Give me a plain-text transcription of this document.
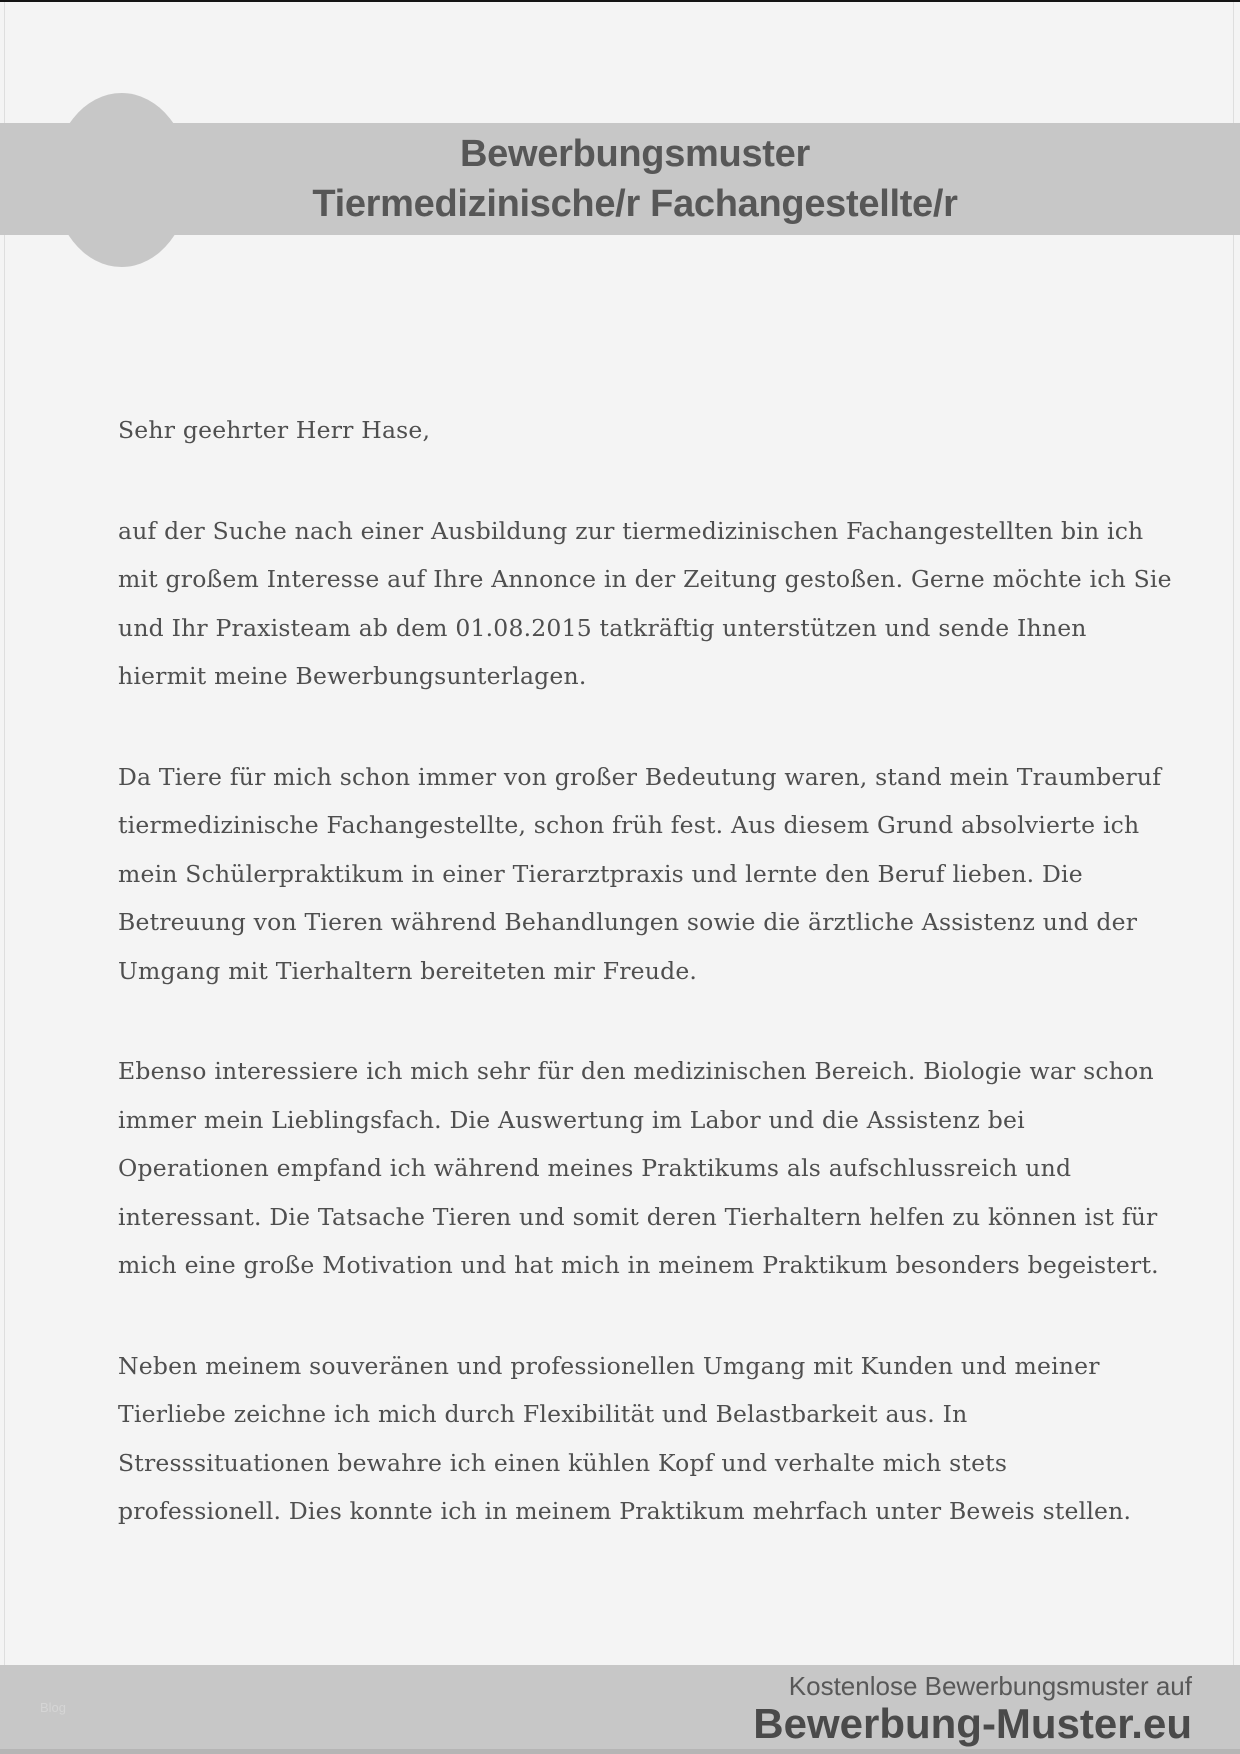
Bewerbungsmuster
Tiermedizinische/r Fachangestellte/r
Sehr geehrter Herr Hase,
auf der Suche nach einer Ausbildung zur tiermedizinischen Fachangestellten bin ich
mit großem Interesse auf Ihre Annonce in der Zeitung gestoßen. Gerne möchte ich Sie
und Ihr Praxisteam ab dem 01.08.2015 tatkräftig unterstützen und sende Ihnen
hiermit meine Bewerbungsunterlagen.
Da Tiere für mich schon immer von großer Bedeutung waren, stand mein Traumberuf
tiermedizinische Fachangestellte, schon früh fest. Aus diesem Grund absolvierte ich
mein Schülerpraktikum in einer Tierarztpraxis und lernte den Beruf lieben. Die
Betreuung von Tieren während Behandlungen sowie die ärztliche Assistenz und der
Umgang mit Tierhaltern bereiteten mir Freude.
Ebenso interessiere ich mich sehr für den medizinischen Bereich. Biologie war schon
immer mein Lieblingsfach. Die Auswertung im Labor und die Assistenz bei
Operationen empfand ich während meines Praktikums als aufschlussreich und
interessant. Die Tatsache Tieren und somit deren Tierhaltern helfen zu können ist für
mich eine große Motivation und hat mich in meinem Praktikum besonders begeistert.
Neben meinem souveränen und professionellen Umgang mit Kunden und meiner
Tierliebe zeichne ich mich durch Flexibilität und Belastbarkeit aus. In
Stresssituationen bewahre ich einen kühlen Kopf und verhalte mich stets
professionell. Dies konnte ich in meinem Praktikum mehrfach unter Beweis stellen.
Kostenlose Bewerbungsmuster auf
Bewerbung-Muster.eu
Blog
